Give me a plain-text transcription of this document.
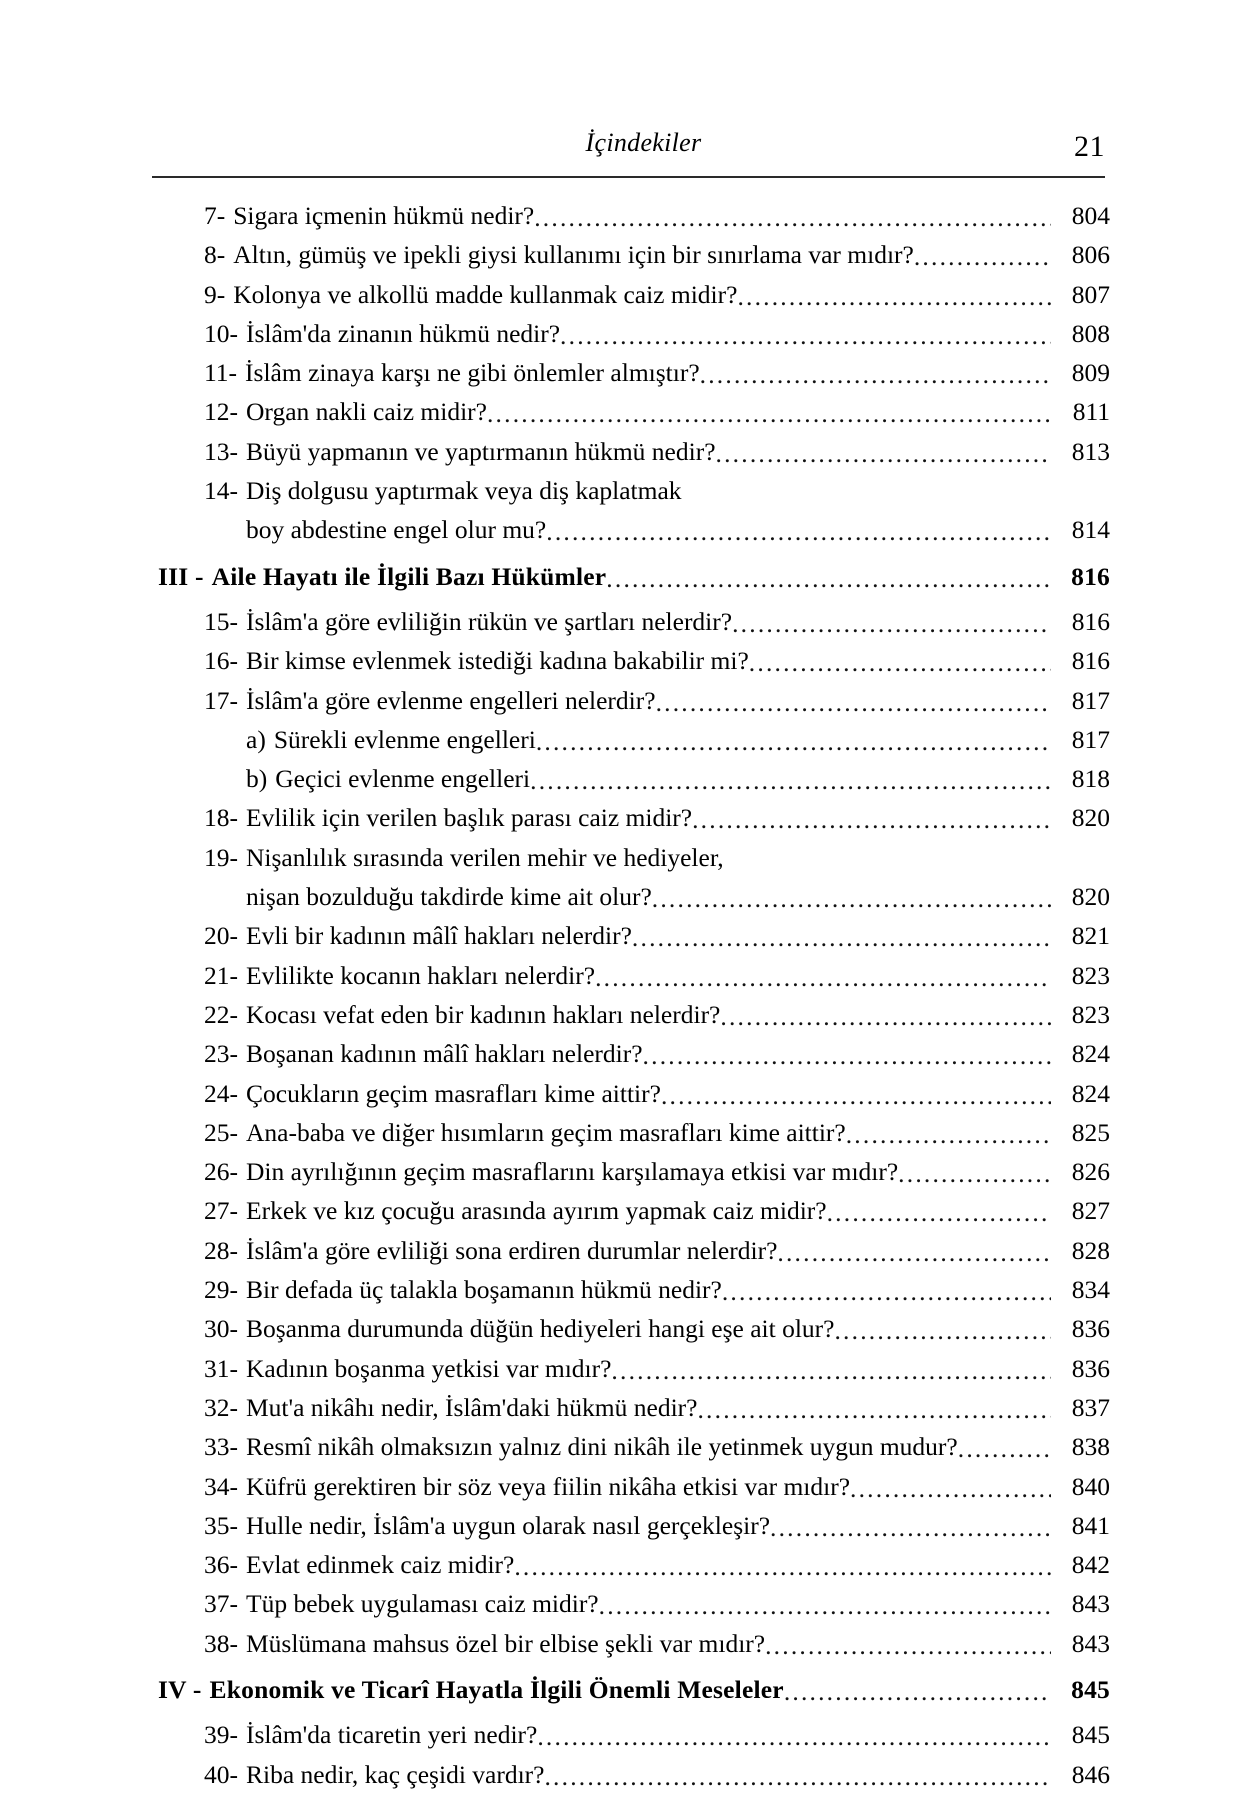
İçindekiler	21
7- Sigara içmenin hükmü nedir? .....	804
8- Altın, gümüş ve ipekli giysi kullanımı için bir sınırlama var mıdır? .....	806
9- Kolonya ve alkollü madde kullanmak caiz midir? .....	807
10- İslâm'da zinanın hükmü nedir? .....	808
11- İslâm zinaya karşı ne gibi önlemler almıştır? .....	809
12- Organ nakli caiz midir? .....	811
13- Büyü yapmanın ve yaptırmanın hükmü nedir? .....	813
14- Diş dolgusu yaptırmak veya diş kaplatmak
boy abdestine engel olur mu? .....	814
III - Aile Hayatı ile İlgili Bazı Hükümler .....	816
15- İslâm'a göre evliliğin rükün ve şartları nelerdir? .....	816
16- Bir kimse evlenmek istediği kadına bakabilir mi? .....	816
17- İslâm'a göre evlenme engelleri nelerdir? .....	817
a) Sürekli evlenme engelleri .....	817
b) Geçici evlenme engelleri .....	818
18- Evlilik için verilen başlık parası caiz midir? .....	820
19- Nişanlılık sırasında verilen mehir ve hediyeler,
nişan bozulduğu takdirde kime ait olur? .....	820
20- Evli bir kadının mâlî hakları nelerdir? .....	821
21- Evlilikte kocanın hakları nelerdir? .....	823
22- Kocası vefat eden bir kadının hakları nelerdir? .....	823
23- Boşanan kadının mâlî hakları nelerdir? .....	824
24- Çocukların geçim masrafları kime aittir? .....	824
25- Ana-baba ve diğer hısımların geçim masrafları kime aittir? .....	825
26- Din ayrılığının geçim masraflarını karşılamaya etkisi var mıdır? .....	826
27- Erkek ve kız çocuğu arasında ayırım yapmak caiz midir? .....	827
28- İslâm'a göre evliliği sona erdiren durumlar nelerdir? .....	828
29- Bir defada üç talakla boşamanın hükmü nedir? .....	834
30- Boşanma durumunda düğün hediyeleri hangi eşe ait olur? .....	836
31- Kadının boşanma yetkisi var mıdır? .....	836
32- Mut'a nikâhı nedir, İslâm'daki hükmü nedir? .....	837
33- Resmî nikâh olmaksızın yalnız dini nikâh ile yetinmek uygun mudur? .....	838
34- Küfrü gerektiren bir söz veya fiilin nikâha etkisi var mıdır? .....	840
35- Hulle nedir, İslâm'a uygun olarak nasıl gerçekleşir? .....	841
36- Evlat edinmek caiz midir? .....	842
37- Tüp bebek uygulaması caiz midir? .....	843
38- Müslümana mahsus özel bir elbise şekli var mıdır? .....	843
IV - Ekonomik ve Ticarî Hayatla İlgili Önemli Meseleler .....	845
39- İslâm'da ticaretin yeri nedir? .....	845
40- Riba nedir, kaç çeşidi vardır? .....	846
